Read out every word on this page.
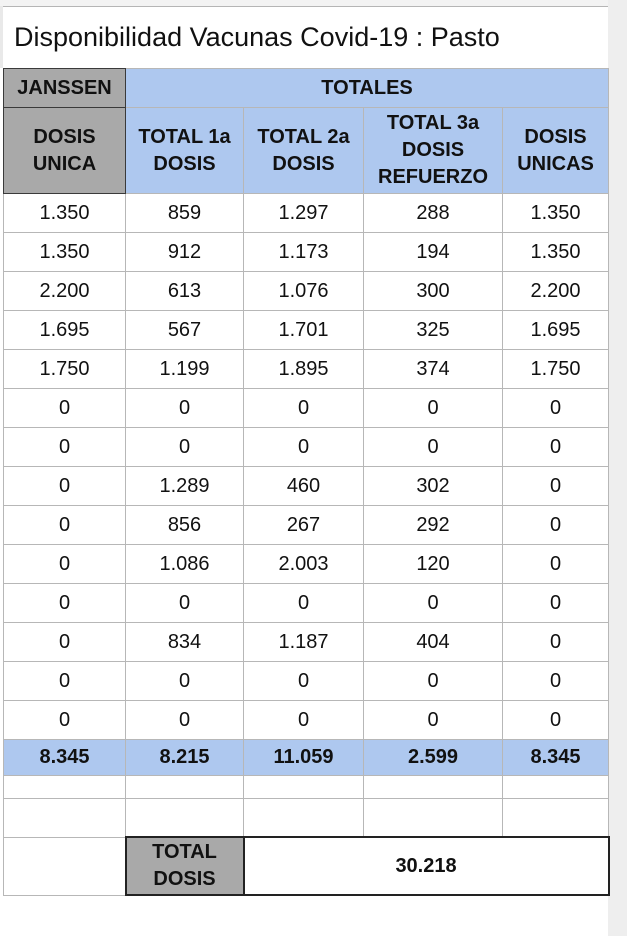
Disponibilidad Vacunas Covid-19 : Pasto
JANSSEN	TOTALES			
DOSIS UNICA	TOTAL 1a DOSIS	TOTAL 2a DOSIS	TOTAL 3a DOSIS REFUERZO	DOSIS UNICAS
1.350	859	1.297	288	1.350
1.350	912	1.173	194	1.350
2.200	613	1.076	300	2.200
1.695	567	1.701	325	1.695
1.750	1.199	1.895	374	1.750
0	0	0	0	0
0	0	0	0	0
0	1.289	460	302	0
0	856	267	292	0
0	1.086	2.003	120	0
0	0	0	0	0
0	834	1.187	404	0
0	0	0	0	0
0	0	0	0	0
8.345	8.215	11.059	2.599	8.345

	TOTAL DOSIS	30.218		
